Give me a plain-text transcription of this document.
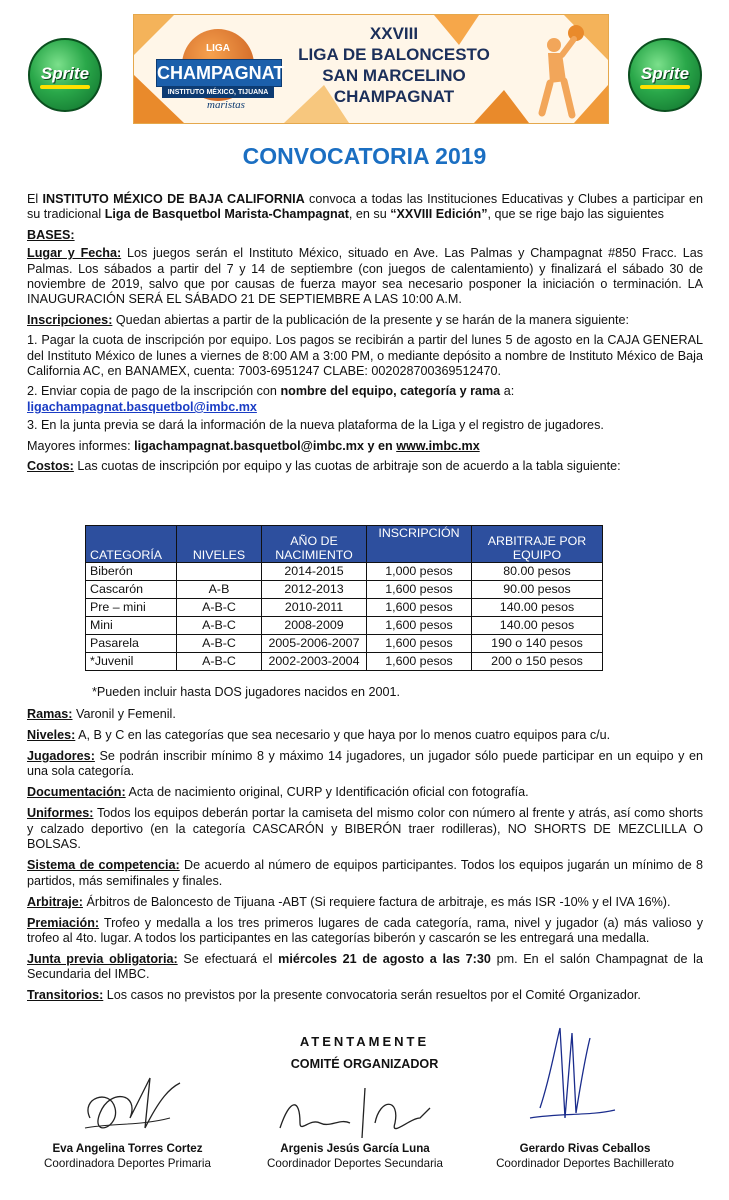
Sprite	Sprite
LIGA
CHAMPAGNAT
INSTITUTO MÉXICO, TIJUANA
maristas
XXVIII
LIGA DE BALONCESTO
SAN MARCELINO
CHAMPAGNAT
CONVOCATORIA 2019

El INSTITUTO MÉXICO DE BAJA CALIFORNIA convoca a todas las Instituciones Educativas y Clubes a participar en su tradicional Liga de Basquetbol Marista-Champagnat, en su “XXVIII Edición”, que se rige bajo las siguientes

BASES:

Lugar y Fecha: Los juegos serán el Instituto México, situado en Ave. Las Palmas y Champagnat #850 Fracc. Las Palmas. Los sábados a partir del 7 y 14 de septiembre (con juegos de calentamiento) y finalizará el sábado 30 de noviembre de 2019, salvo que por causas de fuerza mayor sea necesario posponer la iniciación o terminación. LA INAUGURACIÓN SERÁ EL SÁBADO 21 DE SEPTIEMBRE A LAS 10:00 A.M.

Inscripciones: Quedan abiertas a partir de la publicación de la presente y se harán de la manera siguiente:

1. Pagar la cuota de inscripción por equipo. Los pagos se recibirán a partir del lunes 5 de agosto en la CAJA GENERAL del Instituto México de lunes a viernes de 8:00 AM a 3:00 PM, o mediante depósito a nombre de Instituto México de Baja California AC, en BANAMEX, cuenta: 7003-6951247 CLABE: 002028700369512470.

2. Enviar copia de pago de la inscripción con nombre del equipo, categoría y rama a:
ligachampagnat.basquetbol@imbc.mx

3. En la junta previa se dará la información de la nueva plataforma de la Liga y el registro de jugadores.

Mayores informes: ligachampagnat.basquetbol@imbc.mx y en www.imbc.mx

Costos: Las cuotas de inscripción por equipo y las cuotas de arbitraje son de acuerdo a la tabla siguiente:

CATEGORÍA	NIVELES	AÑO DE NACIMIENTO	INSCRIPCIÓN	ARBITRAJE POR EQUIPO
Biberón		2014-2015	1,000 pesos	80.00 pesos
Cascarón	A-B	2012-2013	1,600 pesos	90.00 pesos
Pre – mini	A-B-C	2010-2011	1,600 pesos	140.00 pesos
Mini	A-B-C	2008-2009	1,600 pesos	140.00 pesos
Pasarela	A-B-C	2005-2006-2007	1,600 pesos	190 o 140 pesos
*Juvenil	A-B-C	2002-2003-2004	1,600 pesos	200 o 150 pesos
*Pueden incluir hasta DOS jugadores nacidos en 2001.

Ramas: Varonil y Femenil.

Niveles: A, B y C en las categorías que sea necesario y que haya por lo menos cuatro equipos para c/u.

Jugadores: Se podrán inscribir mínimo 8 y máximo 14 jugadores, un jugador sólo puede participar en un equipo y en una sola categoría.

Documentación: Acta de nacimiento original, CURP y Identificación oficial con fotografía.

Uniformes: Todos los equipos deberán portar la camiseta del mismo color con número al frente y atrás, así como shorts y calzado deportivo (en la categoría CASCARÓN y BIBERÓN traer rodilleras), NO SHORTS DE MEZCLILLA O BOLSAS.

Sistema de competencia: De acuerdo al número de equipos participantes. Todos los equipos jugarán un mínimo de 8 partidos, más semifinales y finales.

Arbitraje: Árbitros de Baloncesto de Tijuana -ABT (Si requiere factura de arbitraje, es más ISR -10% y el IVA 16%).

Premiación: Trofeo y medalla a los tres primeros lugares de cada categoría, rama, nivel y jugador (a) más valioso y trofeo al 4to. lugar. A todos los participantes en las categorías biberón y cascarón se les entregará una medalla.

Junta previa obligatoria: Se efectuará el miércoles 21 de agosto a las 7:30 pm. En el salón Champagnat de la Secundaria del IMBC.

Transitorios: Los casos no previstos por la presente convocatoria serán resueltos por el Comité Organizador.

ATENTAMENTE
COMITÉ ORGANIZADOR
Eva Angelina Torres Cortez
Coordinadora Deportes Primaria
Argenis Jesús García Luna
Coordinador Deportes Secundaria
Gerardo Rivas Ceballos
Coordinador Deportes Bachillerato
